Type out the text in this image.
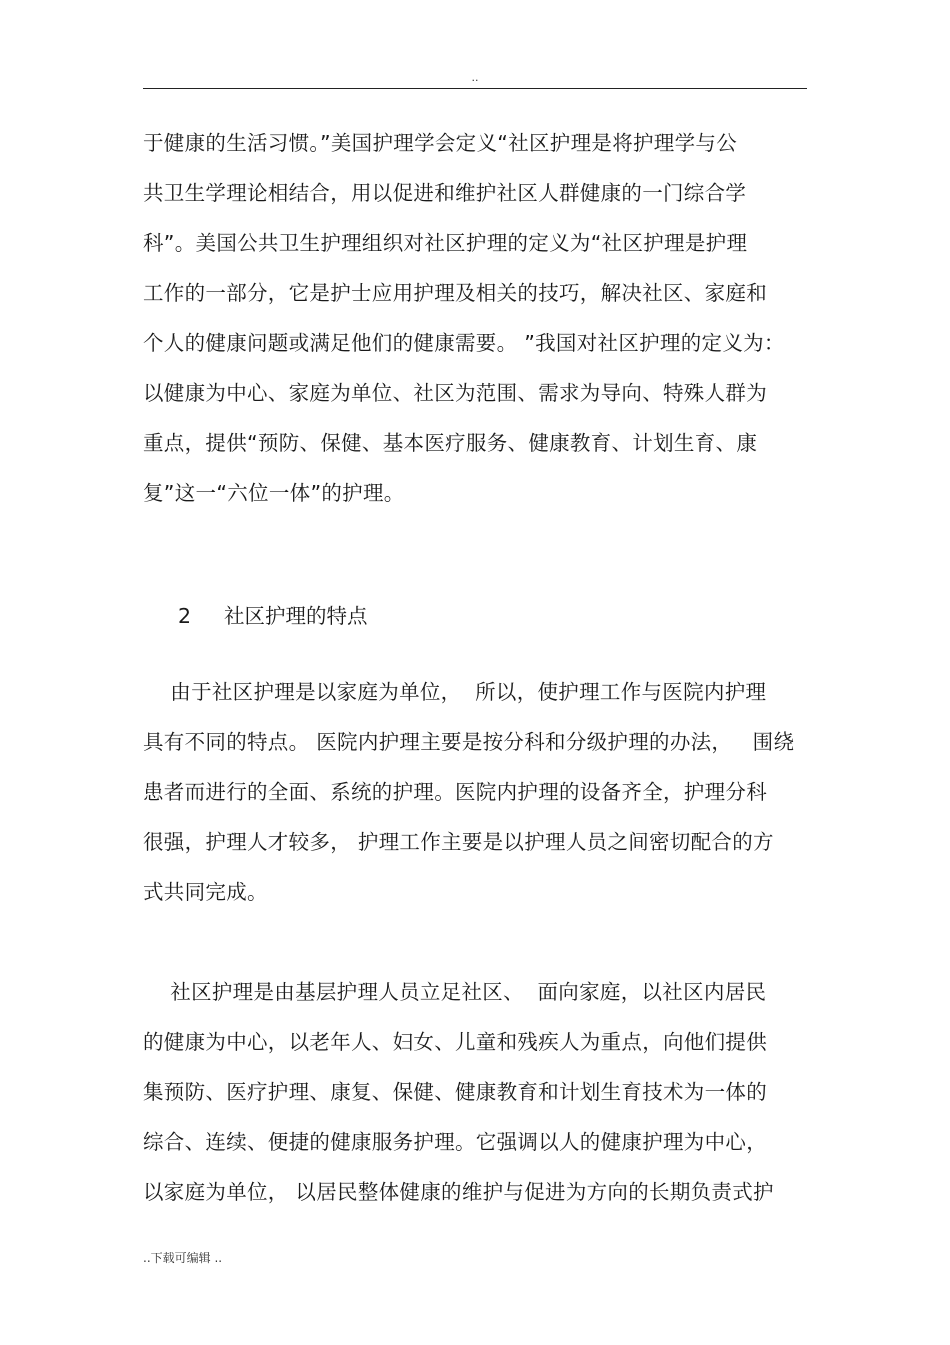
..
于健康的生活习惯。”美国护理学会定义“社区护理是将护理学与公
共卫生学理论相结合，用以促进和维护社区人群健康的一门综合学
科”。美国公共卫生护理组织对社区护理的定义为“社区护理是护理
工作的一部分，它是护士应用护理及相关的技巧，解决社区、家庭和
个人的健康问题或满足他们的健康需要。 ”我国对社区护理的定义为：
以健康为中心、家庭为单位、社区为范围、需求为导向、特殊人群为
重点，提供“预防、保健、基本医疗服务、健康教育、计划生育、康
复”这一“六位一体”的护理。

2 社区护理的特点

由于社区护理是以家庭为单位，  所以，使护理工作与医院内护理
具有不同的特点。 医院内护理主要是按分科和分级护理的办法，   围绕
患者而进行的全面、系统的护理。医院内护理的设备齐全，护理分科
很强，护理人才较多， 护理工作主要是以护理人员之间密切配合的方
式共同完成。
社区护理是由基层护理人员立足社区、  面向家庭，以社区内居民
的健康为中心，以老年人、妇女、儿童和残疾人为重点，向他们提供
集预防、医疗护理、康复、保健、健康教育和计划生育技术为一体的
综合、连续、便捷的健康服务护理。它强调以人的健康护理为中心，
以家庭为单位， 以居民整体健康的维护与促进为方向的长期负责式护
..下载可编辑 ..
